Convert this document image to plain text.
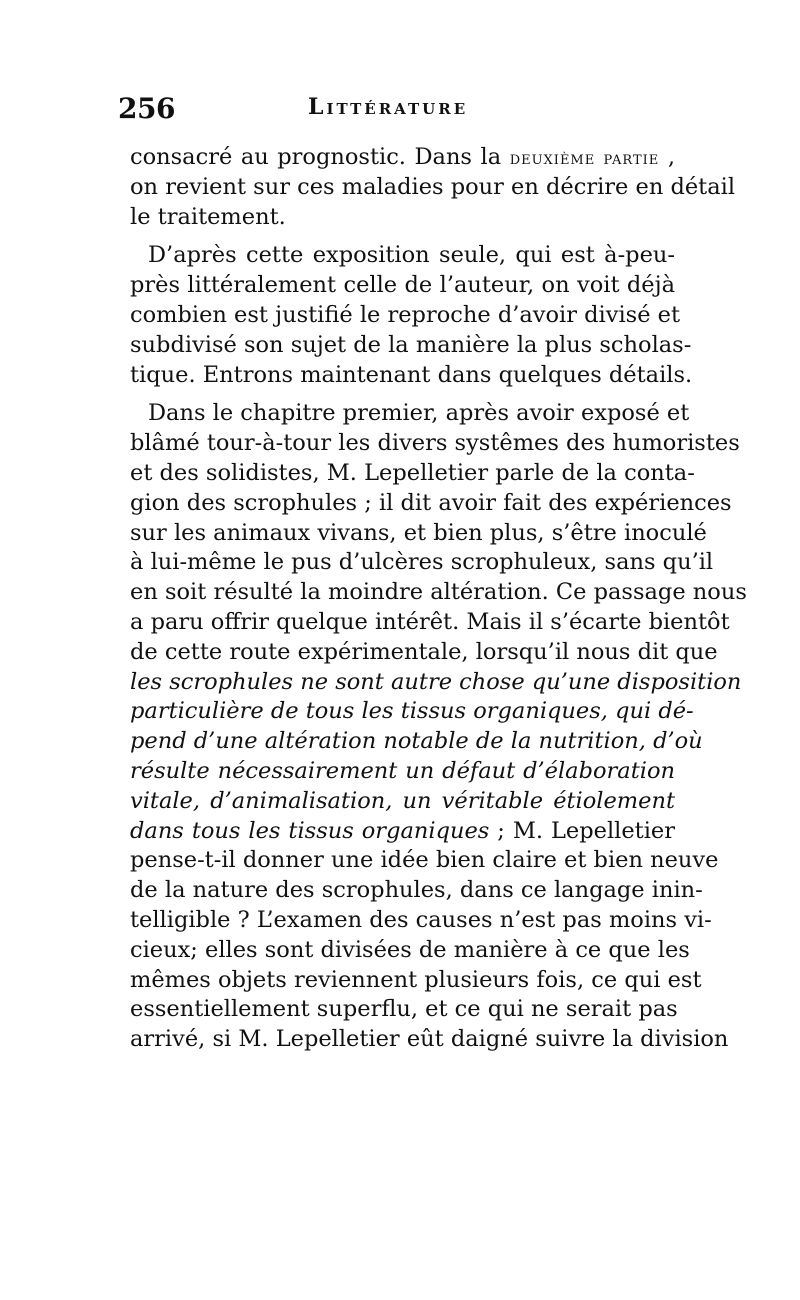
256	Littérature
consacré au prognostic. Dans la deuxième partie ,
on revient sur ces maladies pour en décrire en détail
le traitement.
D’après cette exposition seule, qui est à-peu-
près littéralement celle de l’auteur, on voit déjà
combien est justifié le reproche d’avoir divisé et
subdivisé son sujet de la manière la plus scholas-
tique. Entrons maintenant dans quelques détails.
Dans le chapitre premier, après avoir exposé et
blâmé tour-à-tour les divers systêmes des humoristes
et des solidistes, M. Lepelletier parle de la conta-
gion des scrophules ; il dit avoir fait des expériences
sur les animaux vivans, et bien plus, s’être inoculé
à lui-même le pus d’ulcères scrophuleux, sans qu’il
en soit résulté la moindre altération. Ce passage nous
a paru offrir quelque intérêt. Mais il s’écarte bientôt
de cette route expérimentale, lorsqu’il nous dit que
les scrophules ne sont autre chose qu’une disposition
particulière de tous les tissus organiques, qui dé-
pend d’une altération notable de la nutrition, d’où
résulte nécessairement un défaut d’élaboration
vitale, d’animalisation, un véritable étiolement
dans tous les tissus organiques ; M. Lepelletier
pense-t-il donner une idée bien claire et bien neuve
de la nature des scrophules, dans ce langage inin-
telligible ? L’examen des causes n’est pas moins vi-
cieux; elles sont divisées de manière à ce que les
mêmes objets reviennent plusieurs fois, ce qui est
essentiellement superflu, et ce qui ne serait pas
arrivé, si M. Lepelletier eût daigné suivre la division
